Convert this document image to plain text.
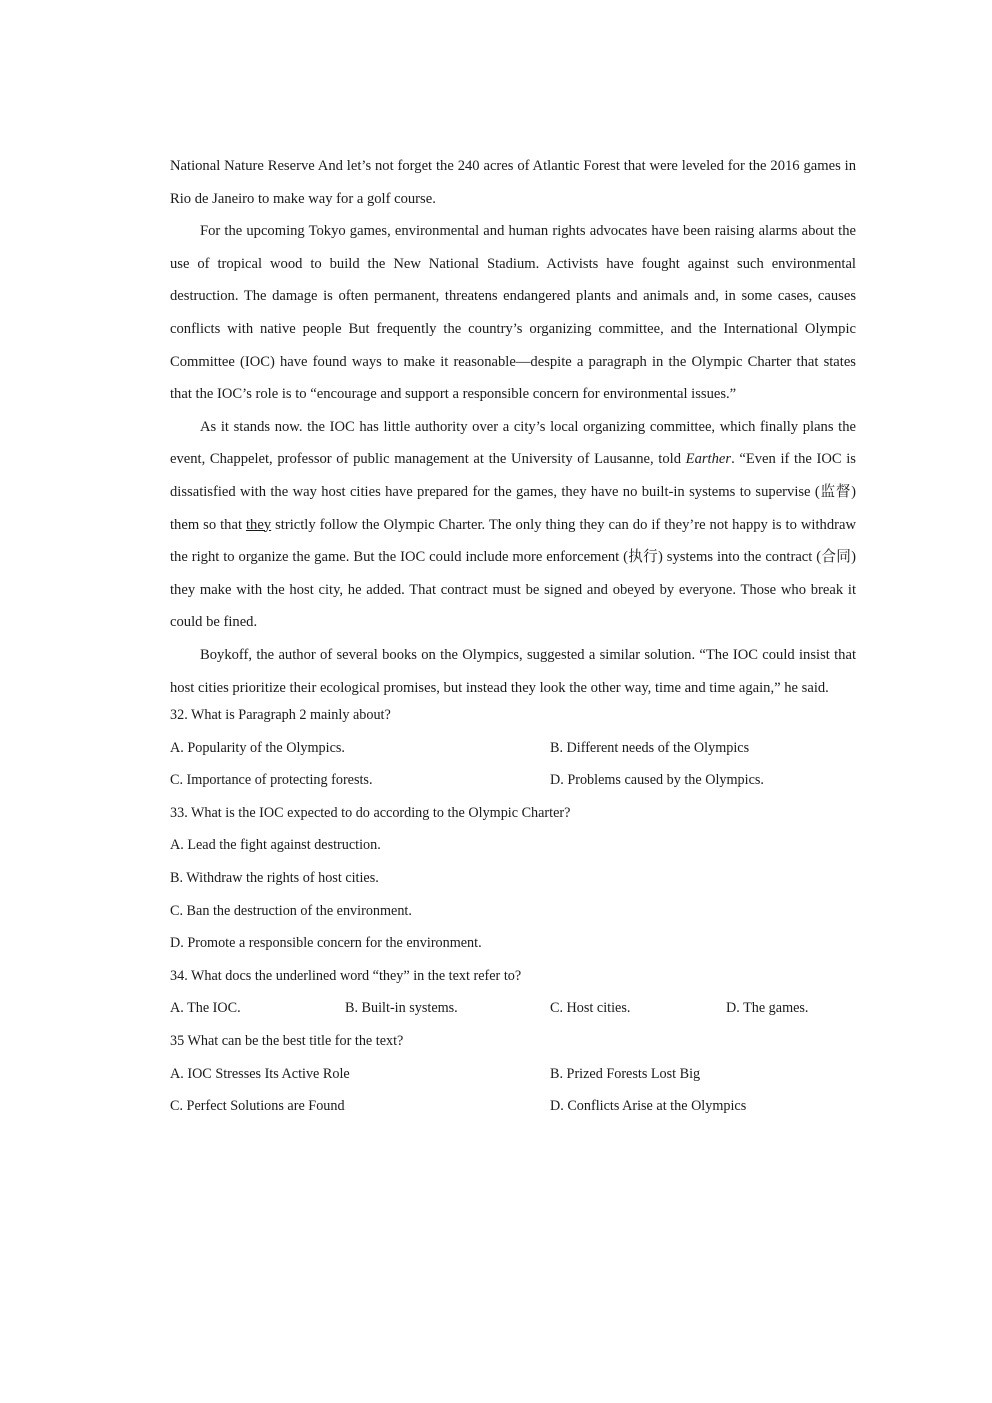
National Nature Reserve And let’s not forget the 240 acres of Atlantic Forest that were leveled for the 2016 games in Rio de Janeiro to make way for a golf course.

For the upcoming Tokyo games, environmental and human rights advocates have been raising alarms about the use of tropical wood to build the New National Stadium. Activists have fought against such environmental destruction. The damage is often permanent, threatens endangered plants and animals and, in some cases, causes conflicts with native people But frequently the country’s organizing committee, and the International Olympic Committee (IOC) have found ways to make it reasonable—despite a paragraph in the Olympic Charter that states that the IOC’s role is to “encourage and support a responsible concern for environmental issues.”

As it stands now. the IOC has little authority over a city’s local organizing committee, which finally plans the event, Chappelet, professor of public management at the University of Lausanne, told Earther. “Even if the IOC is dissatisfied with the way host cities have prepared for the games, they have no built-in systems to supervise (监督) them so that they strictly follow the Olympic Charter. The only thing they can do if they’re not happy is to withdraw the right to organize the game. But the IOC could include more enforcement (执行) systems into the contract (合同) they make with the host city, he added. That contract must be signed and obeyed by everyone. Those who break it could be fined.

Boykoff, the author of several books on the Olympics, suggested a similar solution. “The IOC could insist that host cities prioritize their ecological promises, but instead they look the other way, time and time again,” he said.

32. What is Paragraph 2 mainly about?

A. Popularity of the Olympics.	B. Different needs of the Olympics
C. Importance of protecting forests.	D. Problems caused by the Olympics.

33. What is the IOC expected to do according to the Olympic Charter?

A. Lead the fight against destruction.

B. Withdraw the rights of host cities.

C. Ban the destruction of the environment.

D. Promote a responsible concern for the environment.

34. What docs the underlined word “they” in the text refer to?

A. The IOC.	B. Built-in systems.	C. Host cities.	D. The games.

35 What can be the best title for the text?

A. IOC Stresses Its Active Role	B. Prized Forests Lost Big
C. Perfect Solutions are Found	D. Conflicts Arise at the Olympics
